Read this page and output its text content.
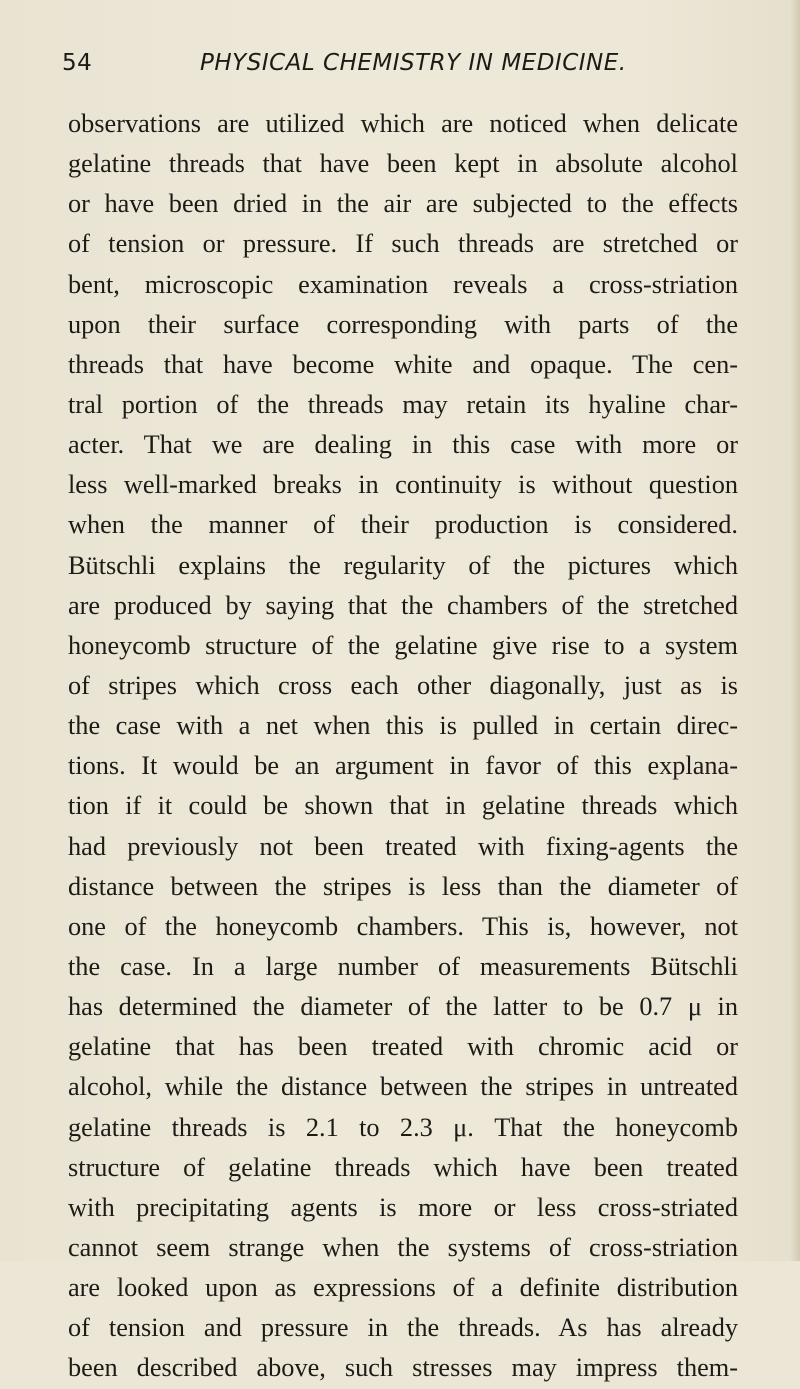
54	PHYSICAL CHEMISTRY IN MEDICINE.
observations are utilized which are noticed when delicate
gelatine threads that have been kept in absolute alcohol
or have been dried in the air are subjected to the effects
of tension or pressure. If such threads are stretched or
bent, microscopic examination reveals a cross-striation
upon their surface corresponding with parts of the
threads that have become white and opaque. The cen-
tral portion of the threads may retain its hyaline char-
acter. That we are dealing in this case with more or
less well-marked breaks in continuity is without question
when the manner of their production is considered.
Bütschli explains the regularity of the pictures which
are produced by saying that the chambers of the stretched
honeycomb structure of the gelatine give rise to a system
of stripes which cross each other diagonally, just as is
the case with a net when this is pulled in certain direc-
tions. It would be an argument in favor of this explana-
tion if it could be shown that in gelatine threads which
had previously not been treated with fixing-agents the
distance between the stripes is less than the diameter of
one of the honeycomb chambers. This is, however, not
the case. In a large number of measurements Bütschli
has determined the diameter of the latter to be 0.7 μ in
gelatine that has been treated with chromic acid or
alcohol, while the distance between the stripes in untreated
gelatine threads is 2.1 to 2.3 μ. That the honeycomb
structure of gelatine threads which have been treated
with precipitating agents is more or less cross-striated
cannot seem strange when the systems of cross-striation
are looked upon as expressions of a definite distribution
of tension and pressure in the threads. As has already
been described above, such stresses may impress them-
